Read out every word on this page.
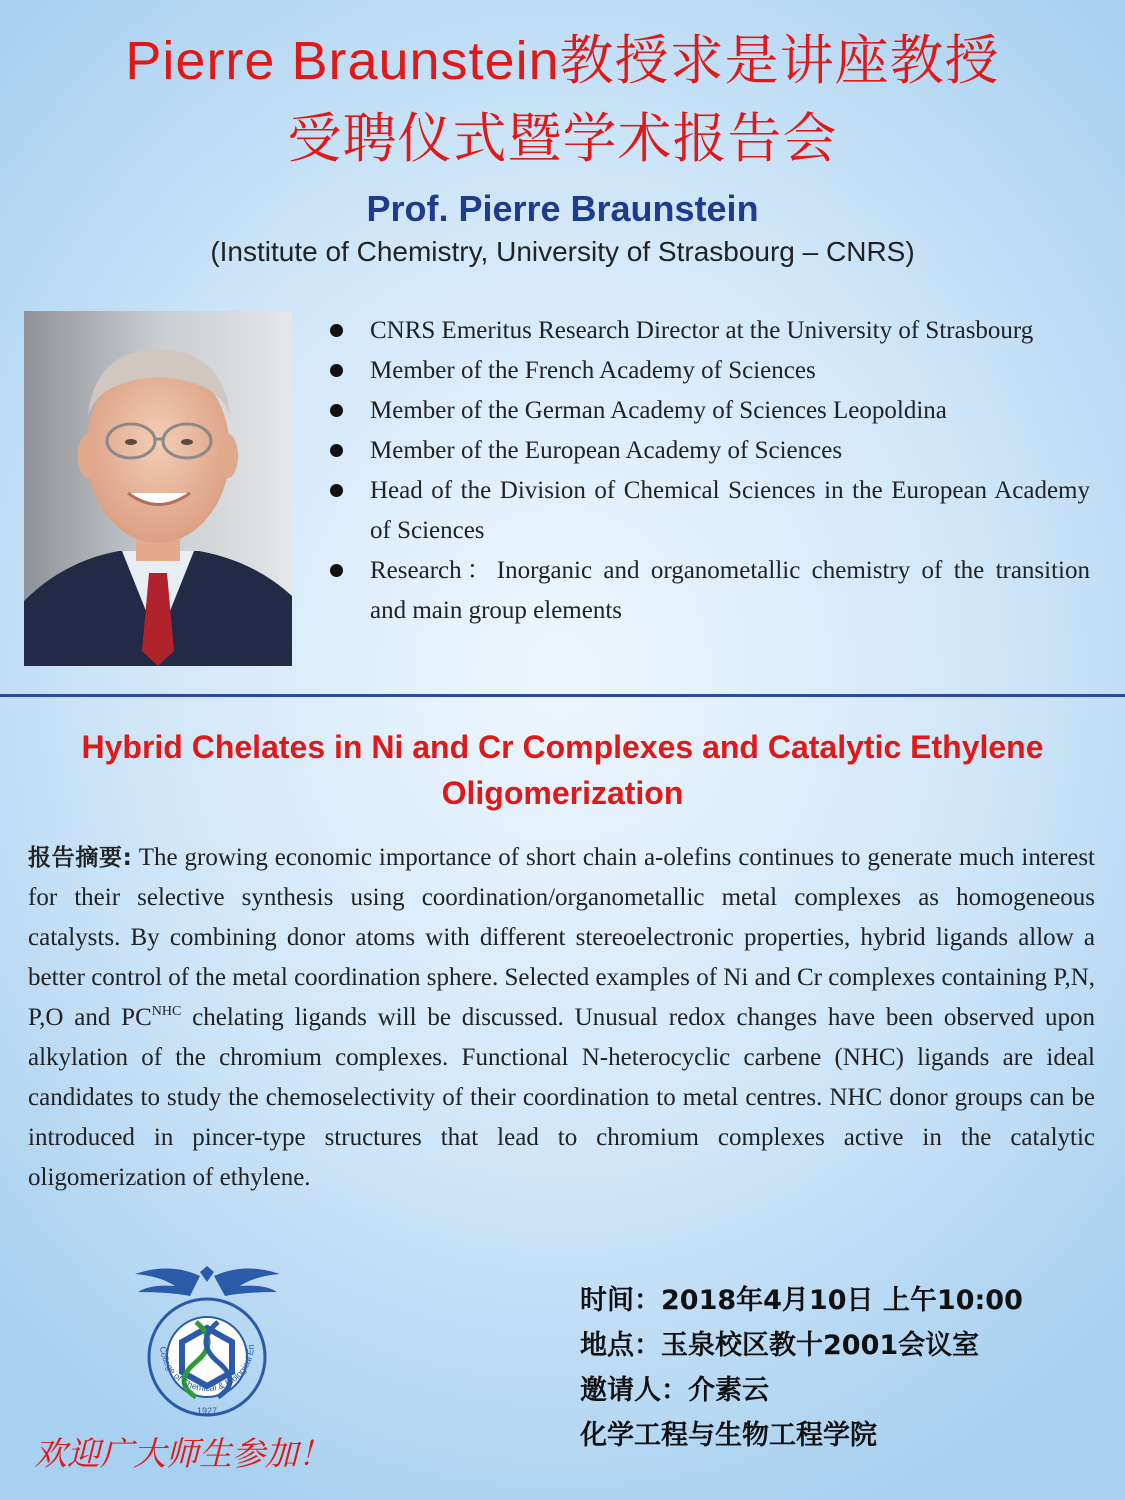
Pierre Braunstein教授求是讲座教授
受聘仪式暨学术报告会
Prof. Pierre Braunstein
(Institute of Chemistry, University of Strasbourg – CNRS)
CNRS Emeritus Research Director at the University of Strasbourg
Member of the French Academy of Sciences
Member of the German Academy of Sciences Leopoldina
Member of the European Academy of Sciences
Head of the Division of Chemical Sciences in the European Academy of Sciences
Research：Inorganic and organometallic chemistry of the transition and main group elements
Hybrid Chelates in Ni and Cr Complexes and Catalytic Ethylene Oligomerization
报告摘要: The growing economic importance of short chain a-olefins continues to generate much interest for their selective synthesis using coordination/organometallic metal complexes as homogeneous catalysts. By combining donor atoms with different stereoelectronic properties, hybrid ligands allow a better control of the metal coordination sphere. Selected examples of Ni and Cr complexes containing P,N, P,O and $PC^{NHC}$ chelating ligands will be discussed. Unusual redox changes have been observed upon alkylation of the chromium complexes. Functional N-heterocyclic carbene (NHC) ligands are ideal candidates to study the chemoselectivity of their coordination to metal centres. NHC donor groups can be introduced in pincer-type structures that lead to chromium complexes active in the catalytic oligomerization of ethylene.
College of Chemical & Biological En
1927
时间：2018年4月10日 上午10:00
地点：玉泉校区教十2001会议室
邀请人：介素云
化学工程与生物工程学院
欢迎广大师生参加！
